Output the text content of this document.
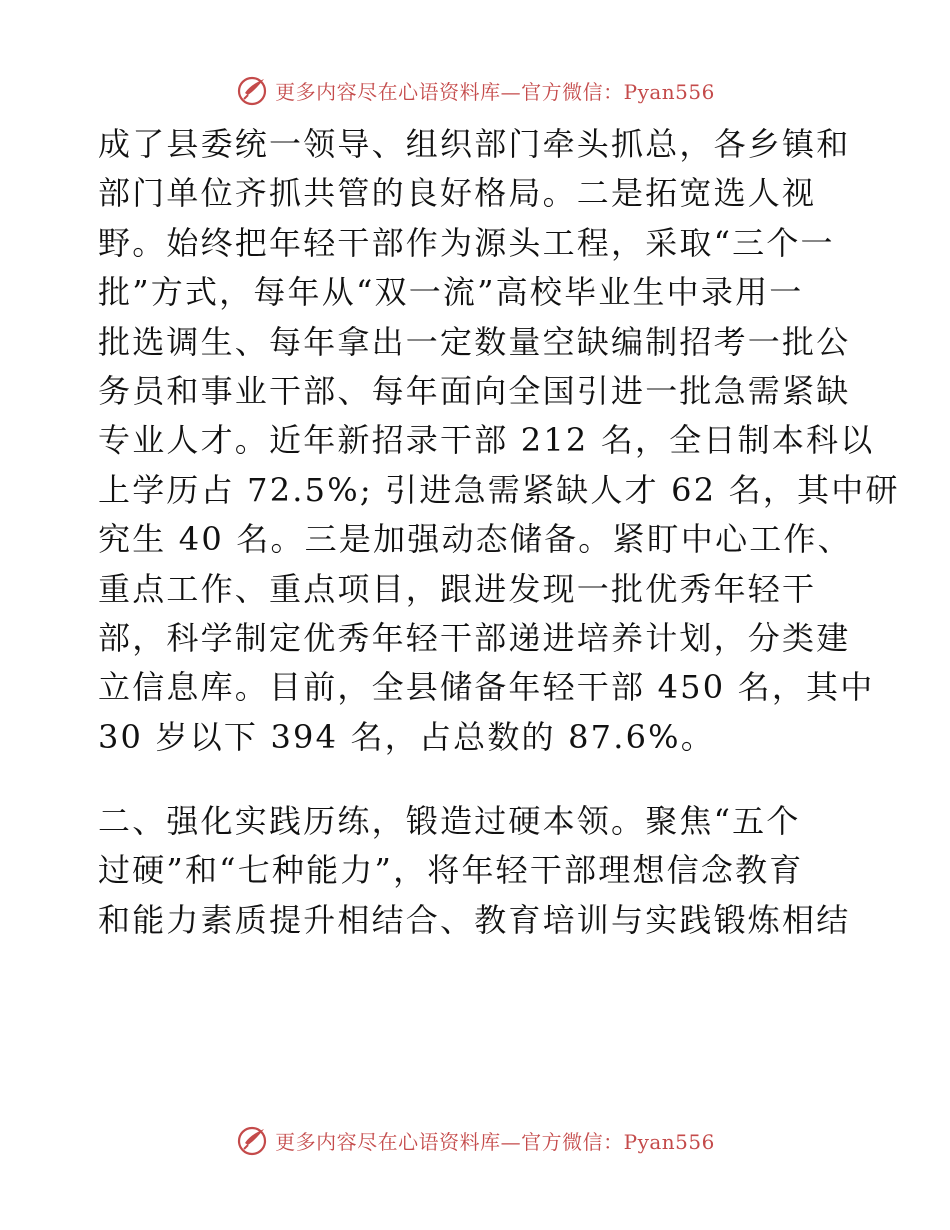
更多内容尽在心语资料库—官方微信：Pyan556
成了县委统一领导、组织部门牵头抓总，各乡镇和
部门单位齐抓共管的良好格局。二是拓宽选人视
野。始终把年轻干部作为源头工程，采取“三个一
批”方式，每年从“双一流”高校毕业生中录用一
批选调生、每年拿出一定数量空缺编制招考一批公
务员和事业干部、每年面向全国引进一批急需紧缺
专业人才。近年新招录干部 212 名，全日制本科以
上学历占 72.5%; 引进急需紧缺人才 62 名，其中研
究生 40 名。三是加强动态储备。紧盯中心工作、
重点工作、重点项目，跟进发现一批优秀年轻干
部，科学制定优秀年轻干部递进培养计划，分类建
立信息库。目前，全县储备年轻干部 450 名，其中
30 岁以下 394 名，占总数的 87.6%。
二、强化实践历练，锻造过硬本领。聚焦“五个
过硬”和“七种能力”，将年轻干部理想信念教育
和能力素质提升相结合、教育培训与实践锻炼相结
更多内容尽在心语资料库—官方微信：Pyan556
